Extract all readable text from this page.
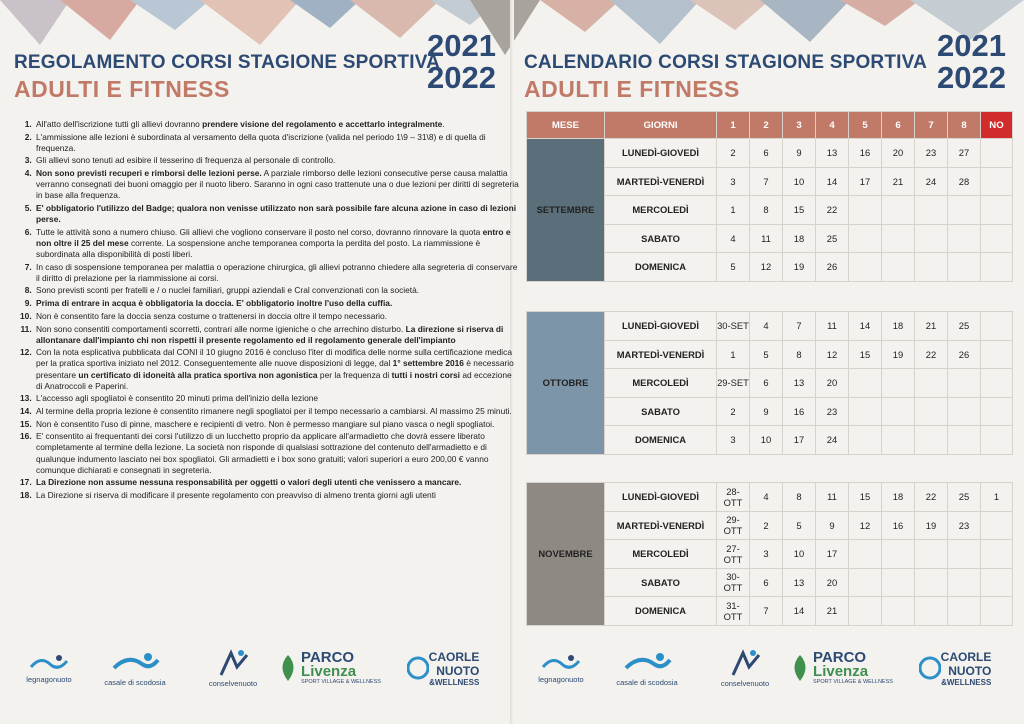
REGOLAMENTO CORSI STAGIONE SPORTIVA
ADULTI E FITNESS
2021
2022
1. All'atto dell'iscrizione tutti gli allievi dovranno prendere visione del regolamento e accettarlo integralmente.
2. L'ammissione alle lezioni è subordinata al versamento della quota d'iscrizione (valida nel periodo 1\9 – 31\8) e di quella di frequenza.
3. Gli allievi sono tenuti ad esibire il tesserino di frequenza al personale di controllo.
4. Non sono previsti recuperi e rimborsi delle lezioni perse. A parziale rimborso delle lezioni consecutive perse causa malattia verranno consegnati dei buoni omaggio per il nuoto libero. Saranno in ogni caso trattenute una o due lezioni per diritti di segreteria in base alla frequenza.
5. E' obbligatorio l'utilizzo del Badge; qualora non venisse utilizzato non sarà possibile fare alcuna azione in caso di lezioni perse.
6. Tutte le attività sono a numero chiuso. Gli allievi che vogliono conservare il posto nel corso, dovranno rinnovare la quota entro e non oltre il 25 del mese corrente. La sospensione anche temporanea comporta la perdita del posto. La riammissione è subordinata alla disponibilità di posti liberi.
7. In caso di sospensione temporanea per malattia o operazione chirurgica, gli allievi potranno chiedere alla segreteria di conservare il diritto di prelazione per la riammissione ai corsi.
8. Sono previsti sconti per fratelli e / o nuclei familiari, gruppi aziendali e Cral convenzionati con la società.
9. Prima di entrare in acqua è obbligatoria la doccia. E' obbligatorio inoltre l'uso della cuffia.
10. Non è consentito fare la doccia senza costume o trattenersi in doccia oltre il tempo necessario.
11. Non sono consentiti comportamenti scorretti, contrari alle norme igieniche o che arrechino disturbo. La direzione si riserva di allontanare dall'impianto chi non rispetti il presente regolamento ed il regolamento generale dell'impianto
12. Con la nota esplicativa pubblicata dal CONI il 10 giugno 2016 è concluso l'iter di modifica delle norme sulla certificazione medica per la pratica sportiva iniziato nel 2012. Conseguentemente alle nuove disposizioni di legge, dal 1° settembre 2016 è necessario presentare un certificato di idoneità alla pratica sportiva non agonistica per la frequenza di tutti i nostri corsi ad eccezione di Anatroccoli e Paperini.
13. L'accesso agli spogliatoi è consentito 20 minuti prima dell'inizio della lezione
14. Al termine della propria lezione è consentito rimanere negli spogliatoi per il tempo necessario a cambiarsi. Al massimo 25 minuti.
15. Non è consentito l'uso di pinne, maschere e recipienti di vetro. Non è permesso mangiare sul piano vasca o negli spogliatoi.
16. E' consentito ai frequentanti dei corsi l'utilizzo di un lucchetto proprio da applicare all'armadietto che dovrà essere liberato completamente al termine della lezione. La società non risponde di qualsiasi sottrazione del contenuto dell'armadietto e di qualunque indumento lasciato nei box spogliatoi. Gli armadietti e i box sono gratuiti; valori superiori a euro 200,00 € vanno comunque dichiarati e consegnati in segreteria.
17. La Direzione non assume nessuna responsabilità per oggetti o valori degli utenti che venissero a mancare.
18. La Direzione si riserva di modificare il presente regolamento con preavviso di almeno trenta giorni agli utenti
CALENDARIO CORSI STAGIONE SPORTIVA
ADULTI E FITNESS
2021
2022
MESE	GIORNI	1	2	3	4	5	6	7	8	NO
SETTEMBRE	LUNEDÌ-GIOVEDÌ	2	6	9	13	16	20	23	27	
	MARTEDÌ-VENERDÌ	3	7	10	14	17	21	24	28	
	MERCOLEDÌ	1	8	15	22					
	SABATO	4	11	18	25					
	DOMENICA	5	12	19	26					
OTTOBRE	LUNEDÌ-GIOVEDÌ	30-SET	4	7	11	14	18	21	25	
	MARTEDÌ-VENERDÌ	1	5	8	12	15	19	22	26	
	MERCOLEDÌ	29-SET	6	13	20					
	SABATO	2	9	16	23					
	DOMENICA	3	10	17	24					
NOVEMBRE	LUNEDÌ-GIOVEDÌ	28-OTT	4	8	11	15	18	22	25	1
	MARTEDÌ-VENERDÌ	29-OTT	2	5	9	12	16	19	23	
	MERCOLEDÌ	27-OTT	3	10	17					
	SABATO	30-OTT	6	13	20					
	DOMENICA	31-OTT	7	14	21					
legnagonuoto	casale di scodosia	conselvenuoto
PARCO
Livenza
SPORT VILLAGE & WELLNESS
CAORLE
NUOTO
&WELLNESS	legnagonuoto	casale di scodosia	conselvenuoto
PARCO
Livenza
SPORT VILLAGE & WELLNESS
CAORLE
NUOTO
&WELLNESS
